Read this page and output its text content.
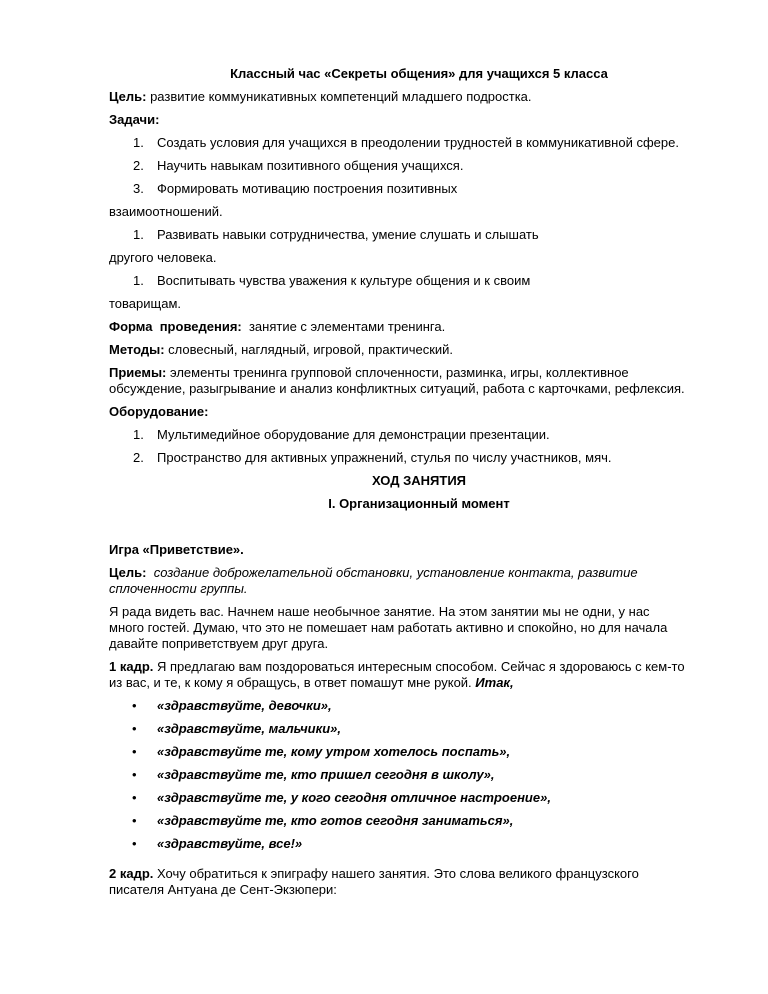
Классный час «Секреты общения» для учащихся 5 класса
Цель: развитие коммуникативных компетенций младшего подростка.
Задачи:
1.	Создать условия для учащихся в преодолении трудностей в коммуникативной сфере.
2.	Научить навыкам позитивного общения учащихся.
3.	Формировать мотивацию построения позитивных
взаимоотношений.
1.	Развивать навыки сотрудничества, умение слушать и слышать
другого человека.
1.	Воспитывать чувства уважения к культуре общения и к своим
товарищам.
Форма  проведения:  занятие с элементами тренинга.
Методы: словесный, наглядный, игровой, практический.
Приемы: элементы тренинга групповой сплоченности, разминка, игры, коллективное
обсуждение, разыгрывание и анализ конфликтных ситуаций, работа с карточками, рефлексия.
Оборудование:
1.	Мультимедийное оборудование для демонстрации презентации.
2.	Пространство для активных упражнений, стулья по числу участников, мяч.
ХОД ЗАНЯТИЯ
I. Организационный момент
Игра «Приветствие».
Цель:  создание доброжелательной обстановки, установление контакта, развитие
сплоченности группы.
Я рада видеть вас. Начнем наше необычное занятие. На этом занятии мы не одни, у нас
много гостей. Думаю, что это не помешает нам работать активно и спокойно, но для начала
давайте поприветствуем друг друга.
1 кадр. Я предлагаю вам поздороваться интересным способом. Сейчас я здороваюсь с кем-то
из вас, и те, к кому я обращусь, в ответ помашут мне рукой. Итак,
•	«здравствуйте, девочки»,
•	«здравствуйте, мальчики»,
•	«здравствуйте те, кому утром хотелось поспать»,
•	«здравствуйте те, кто пришел сегодня в школу»,
•	«здравствуйте те, у кого сегодня отличное настроение»,
•	«здравствуйте те, кто готов сегодня заниматься»,
•	«здравствуйте, все!»
2 кадр. Хочу обратиться к эпиграфу нашего занятия. Это слова великого французского
писателя Антуана де Сент-Экзюпери:
